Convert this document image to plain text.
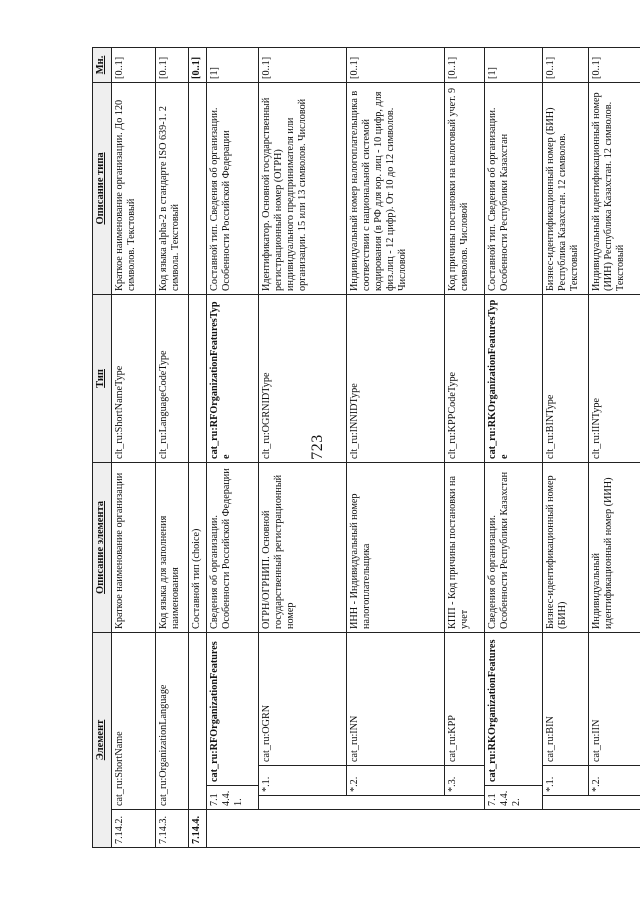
723
Элемент					Описание элемента	Тип	Описание типа	Мн.
7.14.2.	cat_ru:ShortName				Краткое наименование организации	clt_ru:ShortNameType	Краткое наименование организации. До 120 символов. Текстовый	[0..1]
7.14.3.	cat_ru:OrganizationLanguage				Код языка для заполнения наименования	clt_ru:LanguageCodeType	Код языка alpha-2 в стандарте ISO 639-1. 2 символа. Текстовый	[0..1]
7.14.4.					Составной тип (choice)			[0..1]
	7.14.4.1.		cat_ru:RFOrganizationFeatures		Сведения об организации. Особенности Российской Федерации	cat_ru:RFOrganizationFeaturesType	Составной тип. Сведения об организации. Особенности Российской Федерации	[1]
		*.1.		cat_ru:OGRN	ОГРН/ОГРНИП. Основной государственный регистрационный номер	clt_ru:OGRNIDType	Идентификатор. Основной государственный регистрационный номер (ОГРН) индивидуального предпринимателя или организации. 15 или 13 символов. Числовой	[0..1]
		*.2.		cat_ru:INN	ИНН - Индивидуальный номер налогоплательщика	clt_ru:INNIDType	Индивидуальный номер налогоплательщика в соответствии с национальной системой кодирования (в РФ для юр. лиц - 10 цифр, для физ.лиц - 12 цифр). От 10 до 12 символов. Числовой	[0..1]
		*.3.		cat_ru:KPP	КПП - Код причины постановки на учет	clt_ru:KPPCodeType	Код причины постановки на налоговый учет. 9 символов. Числовой	[0..1]
	7.14.4.2.		cat_ru:RKOrganizationFeatures		Сведения об организации. Особенности Республики Казахстан	cat_ru:RKOrganizationFeaturesType	Составной тип. Сведения об организации. Особенности Республики Казахстан	[1]
		*.1.		cat_ru:BIN	Бизнес-идентификационный номер (БИН)	clt_ru:BINType	Бизнес-идентификационный номер (БИН) Республика Казахстан. 12 символов. Текстовый	[0..1]
		*.2.		cat_ru:IIN	Индивидуальный идентификационный номер (ИИН)	clt_ru:IINType	Индивидуальный идентификационный номер (ИИН) Республика Казахстан. 12 символов. Текстовый	[0..1]
